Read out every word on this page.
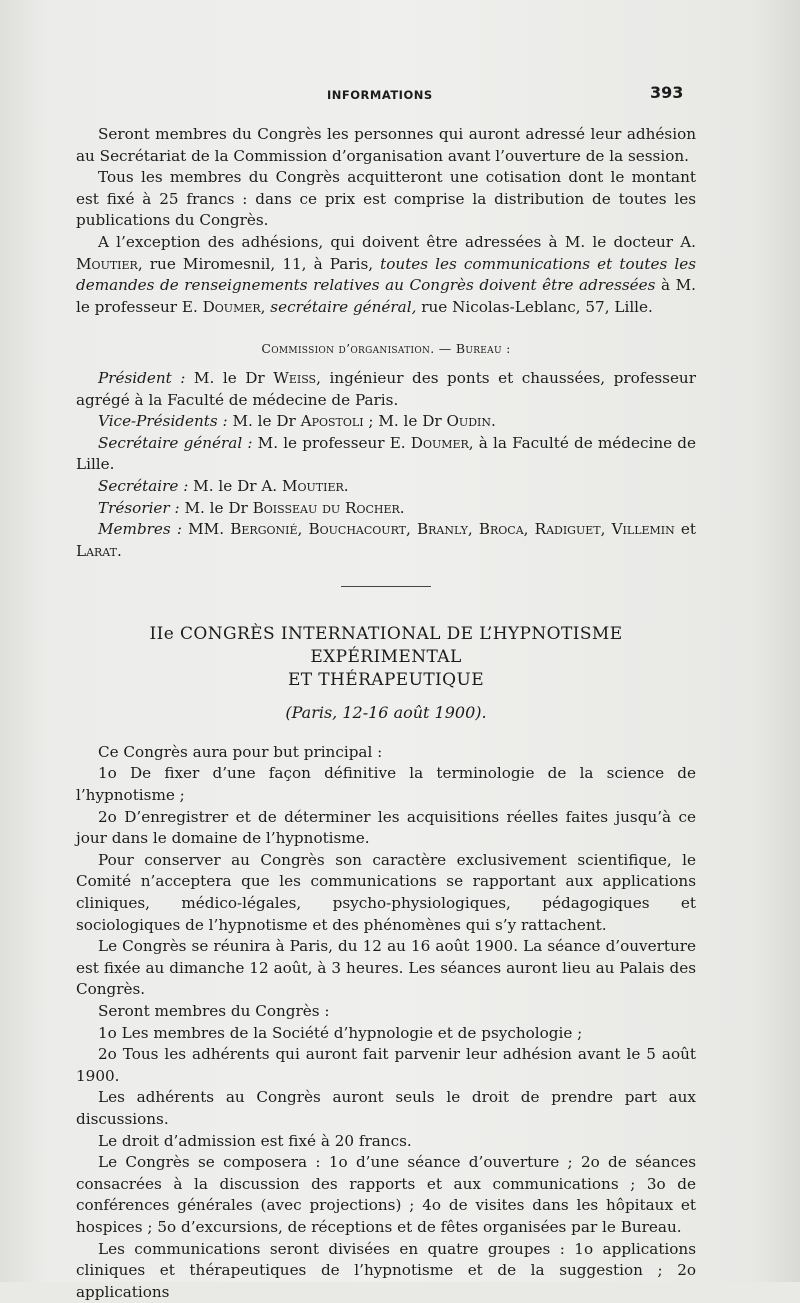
INFORMATIONS	393

Seront membres du Congrès les personnes qui auront adressé leur adhésion au Secrétariat de la Commission d’organisation avant l’ouverture de la session.

Tous les membres du Congrès acquitteront une cotisation dont le montant est fixé à 25 francs : dans ce prix est comprise la distribution de toutes les publications du Congrès.

A l’exception des adhésions, qui doivent être adressées à M. le docteur A. Moutier, rue Miromesnil, 11, à Paris, toutes les communications et toutes les demandes de renseignements relatives au Congrès doivent être adressées à M. le professeur E. Doumer, secrétaire général, rue Nicolas-Leblanc, 57, Lille.

Commission d’organisation. — Bureau :

Président : M. le Dr Weiss, ingénieur des ponts et chaussées, professeur agrégé à la Faculté de médecine de Paris.

Vice-Présidents : M. le Dr Apostoli ; M. le Dr Oudin.

Secrétaire général : M. le professeur E. Doumer, à la Faculté de médecine de Lille.

Secrétaire : M. le Dr A. Moutier.

Trésorier : M. le Dr Boisseau du Rocher.

Membres : MM. Bergonié, Bouchacourt, Branly, Broca, Radiguet, Villemin et Larat.

IIe CONGRÈS INTERNATIONAL DE L’HYPNOTISME EXPÉRIMENTAL

ET THÉRAPEUTIQUE

(Paris, 12-16 août 1900).

Ce Congrès aura pour but principal :

1o De fixer d’une façon définitive la terminologie de la science de l’hypnotisme ;

2o D’enregistrer et de déterminer les acquisitions réelles faites jusqu’à ce jour dans le domaine de l’hypnotisme.

Pour conserver au Congrès son caractère exclusivement scientifique, le Comité n’acceptera que les communications se rapportant aux applications cliniques, médico-légales, psycho-physiologiques, pédagogiques et sociologiques de l’hypnotisme et des phénomènes qui s’y rattachent.

Le Congrès se réunira à Paris, du 12 au 16 août 1900. La séance d’ouverture est fixée au dimanche 12 août, à 3 heures. Les séances auront lieu au Palais des Congrès.

Seront membres du Congrès :

1o Les membres de la Société d’hypnologie et de psychologie ;

2o Tous les adhérents qui auront fait parvenir leur adhésion avant le 5 août 1900.

Les adhérents au Congrès auront seuls le droit de prendre part aux discussions.

Le droit d’admission est fixé à 20 francs.

Le Congrès se composera : 1o d’une séance d’ouverture ; 2o de séances consacrées à la discussion des rapports et aux communications ; 3o de conférences générales (avec projections) ; 4o de visites dans les hôpitaux et hospices ; 5o d’excursions, de réceptions et de fêtes organisées par le Bureau.

Les communications seront divisées en quatre groupes : 1o applications cliniques et thérapeutiques de l’hypnotisme et de la suggestion ; 2o applications
